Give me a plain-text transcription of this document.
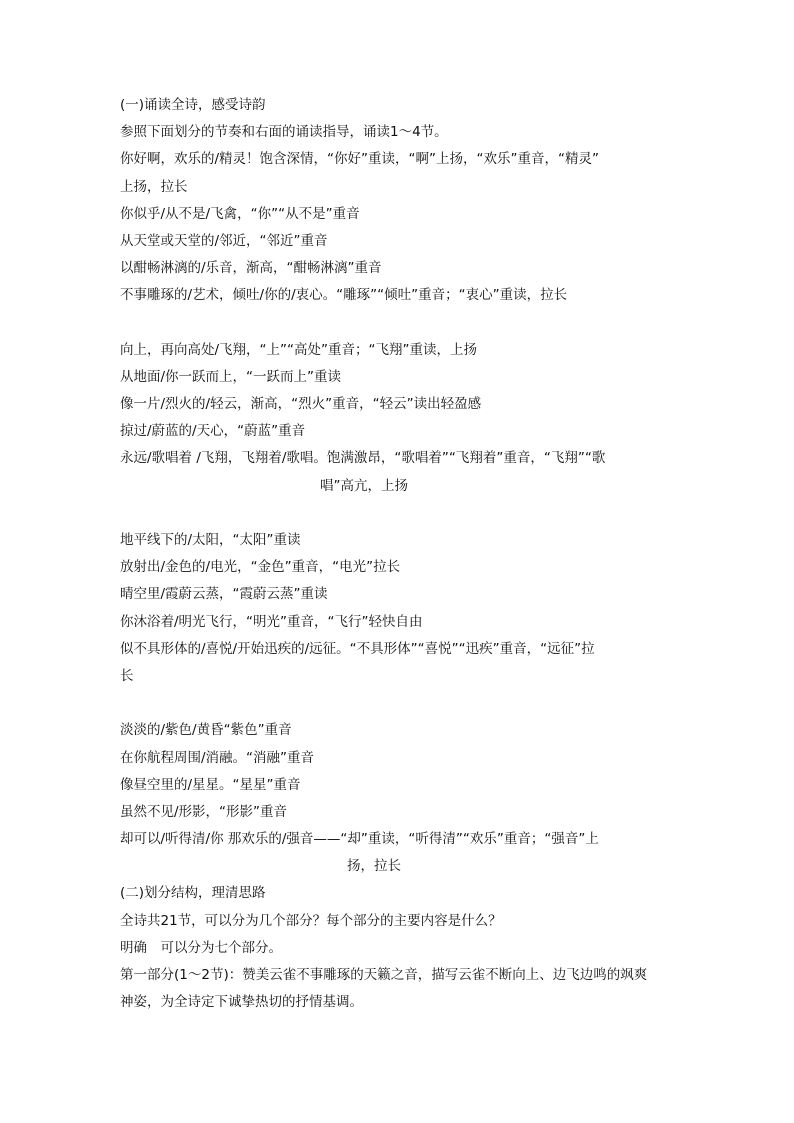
(一)诵读全诗，感受诗韵
参照下面划分的节奏和右面的诵读指导，诵读1～4节。
你好啊，欢乐的/精灵！饱含深情，“你好”重读，“啊”上扬，“欢乐”重音，“精灵”
上扬，拉长
你似乎/从不是/飞禽，“你”“从不是”重音
从天堂或天堂的/邻近，“邻近”重音
以酣畅淋漓的/乐音，渐高，“酣畅淋漓”重音
不事雕琢的/艺术，倾吐/你的/衷心。“雕琢”“倾吐”重音；“衷心”重读，拉长
向上，再向高处/飞翔，“上”“高处”重音；“飞翔”重读，上扬
从地面/你一跃而上，“一跃而上”重读
像一片/烈火的/轻云，渐高，“烈火”重音，“轻云”读出轻盈感
掠过/蔚蓝的/天心，“蔚蓝”重音
永远/歌唱着 /飞翔，飞翔着/歌唱。饱满激昂，“歌唱着”“飞翔着”重音，“飞翔”“歌
唱”高亢，上扬
地平线下的/太阳，“太阳”重读
放射出/金色的/电光，“金色”重音，“电光”拉长
晴空里/霞蔚云蒸，“霞蔚云蒸”重读
你沐浴着/明光飞行，“明光”重音，“飞行”轻快自由
似不具形体的/喜悦/开始迅疾的/远征。“不具形体”“喜悦”“迅疾”重音，“远征”拉
长
淡淡的/紫色/黄昏“紫色”重音
在你航程周围/消融。“消融”重音
像昼空里的/星星。“星星”重音
虽然不见/形影，“形影”重音
却可以/听得清/你 那欢乐的/强音——“却”重读，“听得清”“欢乐”重音；“强音”上
扬，拉长
(二)划分结构，理清思路
全诗共21节，可以分为几个部分？每个部分的主要内容是什么？
明确　可以分为七个部分。
第一部分(1～2节)：赞美云雀不事雕琢的天籁之音，描写云雀不断向上、边飞边鸣的飒爽
神姿，为全诗定下诚挚热切的抒情基调。
